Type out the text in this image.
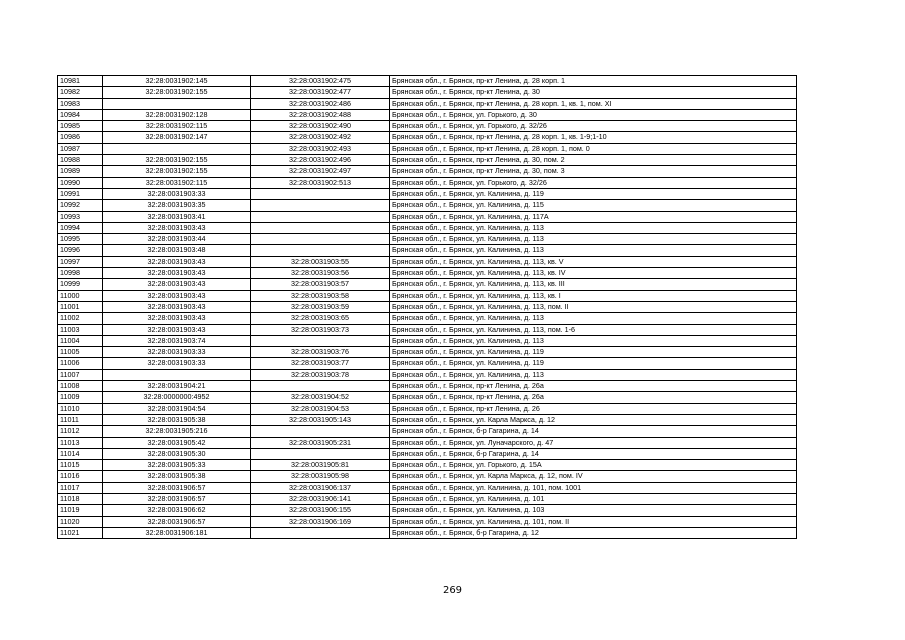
10981	32:28:0031902:145	32:28:0031902:475	Брянская обл., г. Брянск, пр-кт Ленина, д. 28 корп. 1
10982	32:28:0031902:155	32:28:0031902:477	Брянская обл., г. Брянск, пр-кт Ленина, д. 30
10983		32:28:0031902:486	Брянская обл., г. Брянск, пр-кт Ленина, д. 28 корп. 1, кв. 1, пом. XI
10984	32:28:0031902:128	32:28:0031902:488	Брянская обл., г. Брянск, ул. Горького, д. 30
10985	32:28:0031902:115	32:28:0031902:490	Брянская обл., г. Брянск, ул. Горького, д. 32/26
10986	32:28:0031902:147	32:28:0031902:492	Брянская обл., г. Брянск, пр-кт Ленина, д. 28 корп. 1, кв. 1-9;1-10
10987		32:28:0031902:493	Брянская обл., г. Брянск, пр-кт Ленина, д. 28 корп. 1, пом. 0
10988	32:28:0031902:155	32:28:0031902:496	Брянская обл., г. Брянск, пр-кт Ленина, д. 30, пом. 2
10989	32:28:0031902:155	32:28:0031902:497	Брянская обл., г. Брянск, пр-кт Ленина, д. 30, пом. 3
10990	32:28:0031902:115	32:28:0031902:513	Брянская обл., г. Брянск, ул. Горького, д. 32/26
10991	32:28:0031903:33		Брянская обл., г. Брянск, ул. Калинина, д. 119
10992	32:28:0031903:35		Брянская обл., г. Брянск, ул. Калинина, д. 115
10993	32:28:0031903:41		Брянская обл., г. Брянск, ул. Калинина, д. 117А
10994	32:28:0031903:43		Брянская обл., г. Брянск, ул. Калинина, д. 113
10995	32:28:0031903:44		Брянская обл., г. Брянск, ул. Калинина, д. 113
10996	32:28:0031903:48		Брянская обл., г. Брянск, ул. Калинина, д. 113
10997	32:28:0031903:43	32:28:0031903:55	Брянская обл., г. Брянск, ул. Калинина, д. 113, кв. V
10998	32:28:0031903:43	32:28:0031903:56	Брянская обл., г. Брянск, ул. Калинина, д. 113, кв. IV
10999	32:28:0031903:43	32:28:0031903:57	Брянская обл., г. Брянск, ул. Калинина, д. 113, кв. III
11000	32:28:0031903:43	32:28:0031903:58	Брянская обл., г. Брянск, ул. Калинина, д. 113, кв. I
11001	32:28:0031903:43	32:28:0031903:59	Брянская обл., г. Брянск, ул. Калинина, д. 113, пом. II
11002	32:28:0031903:43	32:28:0031903:65	Брянская обл., г. Брянск, ул. Калинина, д. 113
11003	32:28:0031903:43	32:28:0031903:73	Брянская обл., г. Брянск, ул. Калинина, д. 113, пом. 1-6
11004	32:28:0031903:74		Брянская обл., г. Брянск, ул. Калинина, д. 113
11005	32:28:0031903:33	32:28:0031903:76	Брянская обл., г. Брянск, ул. Калинина, д. 119
11006	32:28:0031903:33	32:28:0031903:77	Брянская обл., г. Брянск, ул. Калинина, д. 119
11007		32:28:0031903:78	Брянская обл., г. Брянск, ул. Калинина, д. 113
11008	32:28:0031904:21		Брянская обл., г. Брянск, пр-кт Ленина, д. 26а
11009	32:28:0000000:4952	32:28:0031904:52	Брянская обл., г. Брянск, пр-кт Ленина, д. 26а
11010	32:28:0031904:54	32:28:0031904:53	Брянская обл., г. Брянск, пр-кт Ленина, д. 26
11011	32:28:0031905:38	32:28:0031905:143	Брянская обл., г. Брянск, ул. Карла Маркса, д. 12
11012	32:28:0031905:216		Брянская обл., г. Брянск, б-р Гагарина, д. 14
11013	32:28:0031905:42	32:28:0031905:231	Брянская обл., г. Брянск, ул. Луначарского, д. 47
11014	32:28:0031905:30		Брянская обл., г. Брянск, б-р Гагарина, д. 14
11015	32:28:0031905:33	32:28:0031905:81	Брянская обл., г. Брянск, ул. Горького, д. 15А
11016	32:28:0031905:38	32:28:0031905:98	Брянская обл., г. Брянск, ул. Карла Маркса, д. 12, пом. IV
11017	32:28:0031906:57	32:28:0031906:137	Брянская обл., г. Брянск, ул. Калинина, д. 101, пом. 1001
11018	32:28:0031906:57	32:28:0031906:141	Брянская обл., г. Брянск, ул. Калинина, д. 101
11019	32:28:0031906:62	32:28:0031906:155	Брянская обл., г. Брянск, ул. Калинина, д. 103
11020	32:28:0031906:57	32:28:0031906:169	Брянская обл., г. Брянск, ул. Калинина, д. 101, пом. II
11021	32:28:0031906:181		Брянская обл., г. Брянск, б-р Гагарина, д. 12
269
